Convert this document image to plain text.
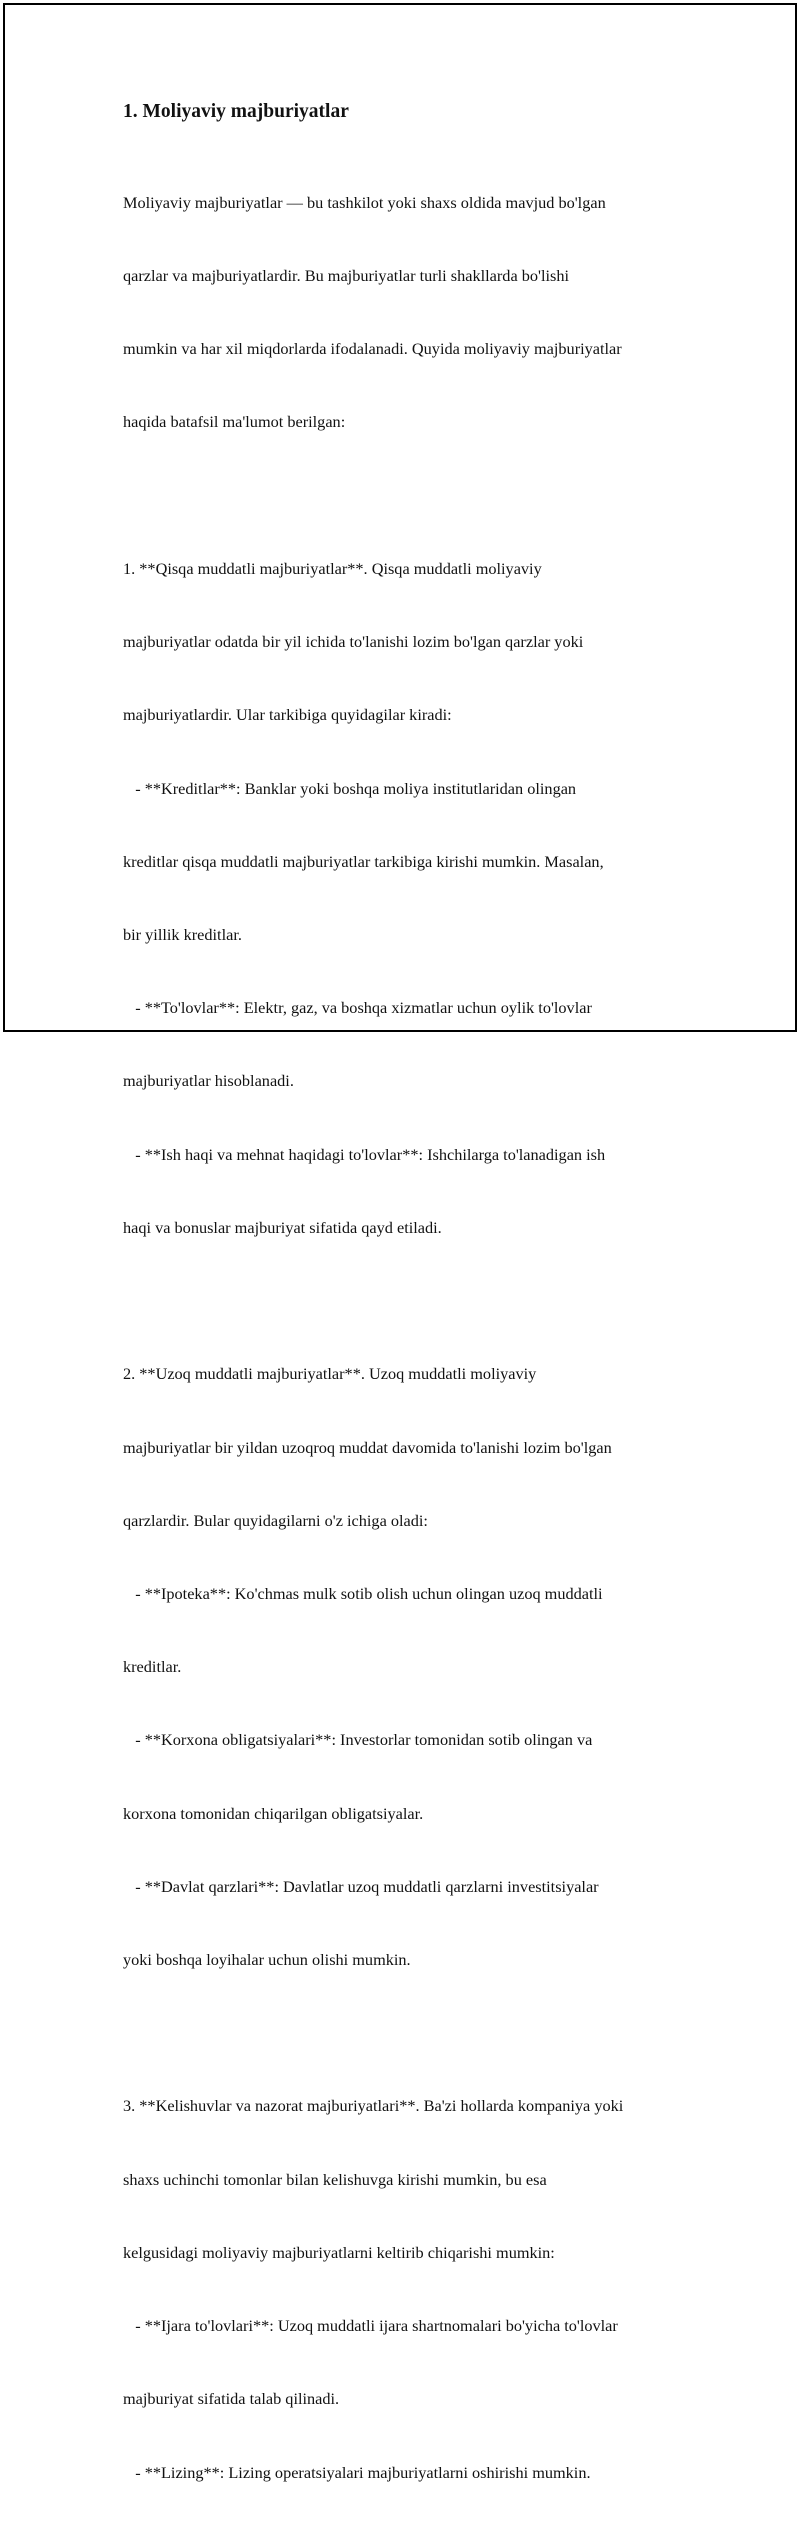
1. Moliyaviy majburiyatlar

Moliyaviy majburiyatlar — bu tashkilot yoki shaxs oldida mavjud bo'lgan

qarzlar va majburiyatlardir. Bu majburiyatlar turli shakllarda bo'lishi

mumkin va har xil miqdorlarda ifodalanadi. Quyida moliyaviy majburiyatlar

haqida batafsil ma'lumot berilgan:

1. **Qisqa muddatli majburiyatlar**. Qisqa muddatli moliyaviy

majburiyatlar odatda bir yil ichida to'lanishi lozim bo'lgan qarzlar yoki

majburiyatlardir. Ular tarkibiga quyidagilar kiradi:

- **Kreditlar**: Banklar yoki boshqa moliya institutlaridan olingan

kreditlar qisqa muddatli majburiyatlar tarkibiga kirishi mumkin. Masalan,

bir yillik kreditlar.

- **To'lovlar**: Elektr, gaz, va boshqa xizmatlar uchun oylik to'lovlar

majburiyatlar hisoblanadi.

- **Ish haqi va mehnat haqidagi to'lovlar**: Ishchilarga to'lanadigan ish

haqi va bonuslar majburiyat sifatida qayd etiladi.

2. **Uzoq muddatli majburiyatlar**. Uzoq muddatli moliyaviy

majburiyatlar bir yildan uzoqroq muddat davomida to'lanishi lozim bo'lgan

qarzlardir. Bular quyidagilarni o'z ichiga oladi:

- **Ipoteka**: Ko'chmas mulk sotib olish uchun olingan uzoq muddatli

kreditlar.

- **Korxona obligatsiyalari**: Investorlar tomonidan sotib olingan va

korxona tomonidan chiqarilgan obligatsiyalar.

- **Davlat qarzlari**: Davlatlar uzoq muddatli qarzlarni investitsiyalar

yoki boshqa loyihalar uchun olishi mumkin.

3. **Kelishuvlar va nazorat majburiyatlari**. Ba'zi hollarda kompaniya yoki

shaxs uchinchi tomonlar bilan kelishuvga kirishi mumkin, bu esa

kelgusidagi moliyaviy majburiyatlarni keltirib chiqarishi mumkin:

- **Ijara to'lovlari**: Uzoq muddatli ijara shartnomalari bo'yicha to'lovlar

majburiyat sifatida talab qilinadi.

- **Lizing**: Lizing operatsiyalari majburiyatlarni oshirishi mumkin.
